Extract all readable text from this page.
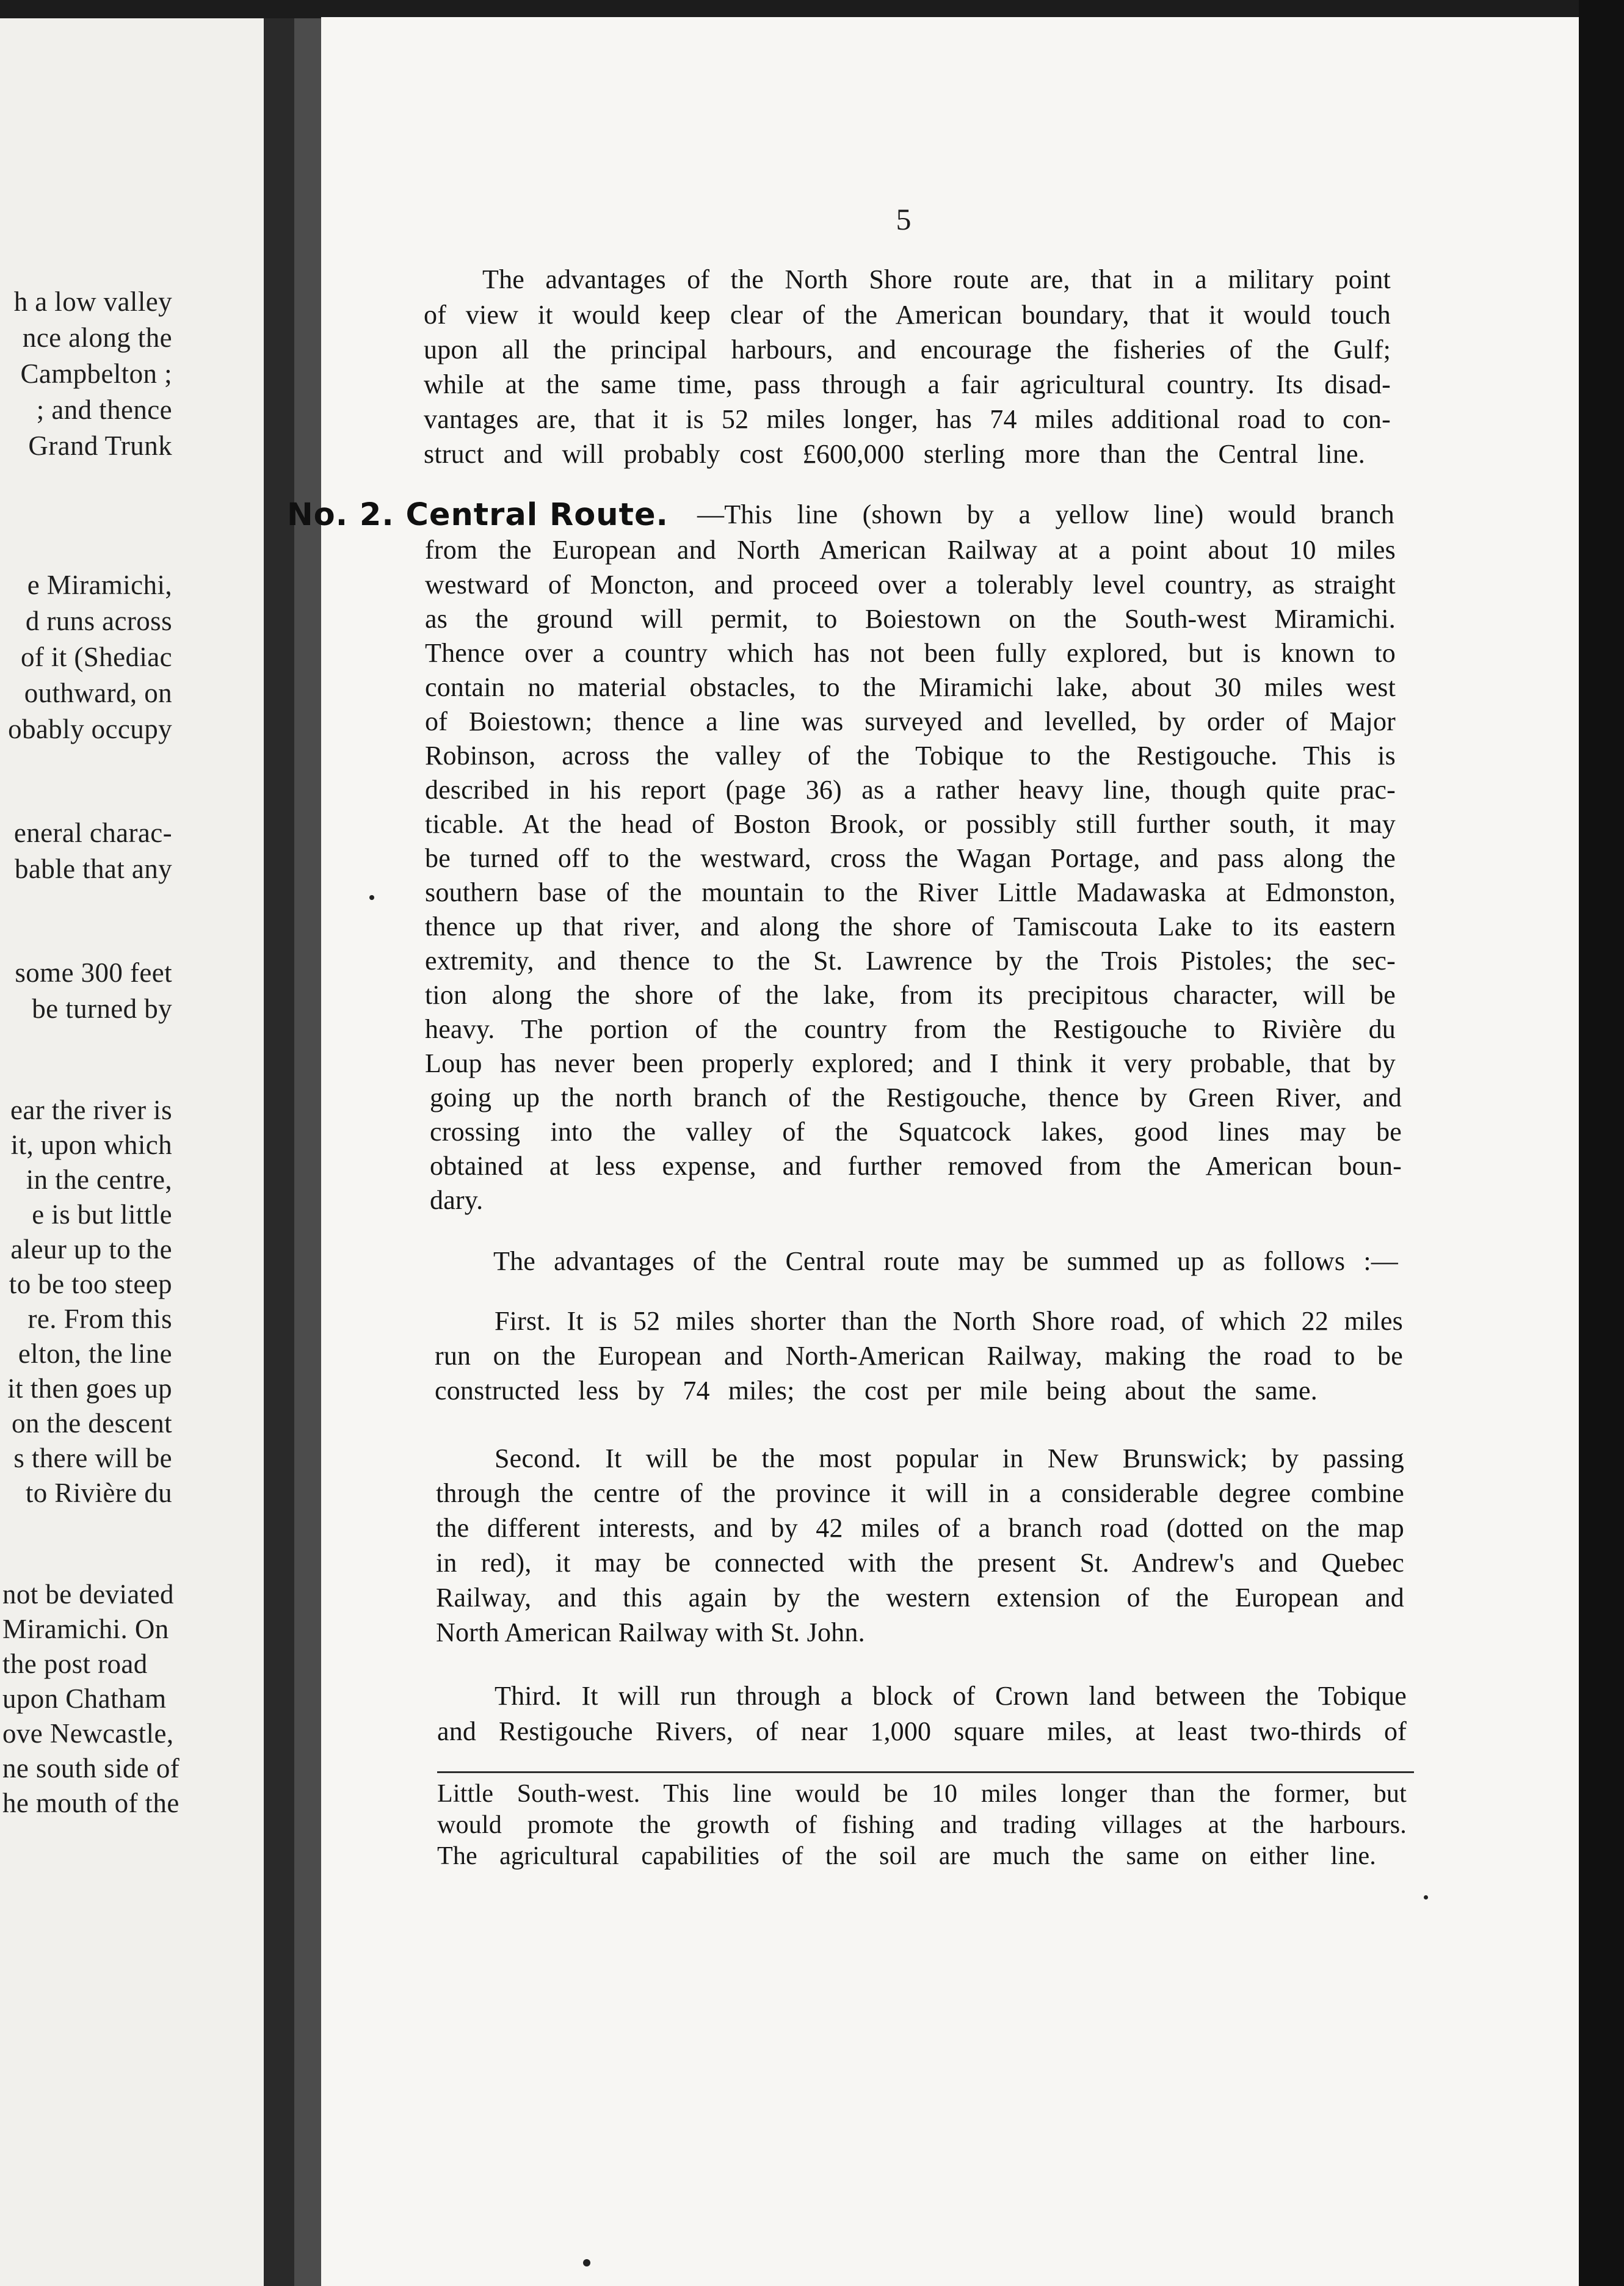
h a low valley
nce along the
Campbelton ;
; and thence
Grand Trunk
e Miramichi,
d runs across
of it (Shediac
outhward, on
obably occupy
eneral charac-
bable that any
some 300 feet
be turned by
ear the river is
it, upon which
in the centre,
e is but little
aleur up to the
to be too steep
re. From this
elton, the line
it then goes up
on the descent
s there will be
to Rivière du
not be deviated
Miramichi. On
the post road
upon Chatham
ove Newcastle,
ne south side of
he mouth of the
5
The advantages of the North Shore route are, that in a military point
of view it would keep clear of the American boundary, that it would touch
upon all the principal harbours, and encourage the fisheries of the Gulf;
while at the same time, pass through a fair agricultural country. Its disad-
vantages are, that it is 52 miles longer, has 74 miles additional road to con-
struct and will probably cost £600,000 sterling more than the Central line.
No. 2. Central Route. —This line (shown by a yellow line) would branch
from the European and North American Railway at a point about 10 miles
westward of Moncton, and proceed over a tolerably level country, as straight
as the ground will permit, to Boiestown on the South-west Miramichi.
Thence over a country which has not been fully explored, but is known to
contain no material obstacles, to the Miramichi lake, about 30 miles west
of Boiestown; thence a line was surveyed and levelled, by order of Major
Robinson, across the valley of the Tobique to the Restigouche. This is
described in his report (page 36) as a rather heavy line, though quite prac-
ticable. At the head of Boston Brook, or possibly still further south, it may
be turned off to the westward, cross the Wagan Portage, and pass along the
southern base of the mountain to the River Little Madawaska at Edmonston,
thence up that river, and along the shore of Tamiscouta Lake to its eastern
extremity, and thence to the St. Lawrence by the Trois Pistoles; the sec-
tion along the shore of the lake, from its precipitous character, will be
heavy. The portion of the country from the Restigouche to Rivière du
Loup has never been properly explored; and I think it very probable, that by
going up the north branch of the Restigouche, thence by Green River, and
crossing into the valley of the Squatcock lakes, good lines may be
obtained at less expense, and further removed from the American boun-
dary.
The advantages of the Central route may be summed up as follows :—
First. It is 52 miles shorter than the North Shore road, of which 22 miles
run on the European and North-American Railway, making the road to be
constructed less by 74 miles; the cost per mile being about the same.
Second. It will be the most popular in New Brunswick; by passing
through the centre of the province it will in a considerable degree combine
the different interests, and by 42 miles of a branch road (dotted on the map
in red), it may be connected with the present St. Andrew's and Quebec
Railway, and this again by the western extension of the European and
North American Railway with St. John.
Third. It will run through a block of Crown land between the Tobique
and Restigouche Rivers, of near 1,000 square miles, at least two-thirds of
Little South-west. This line would be 10 miles longer than the former, but
would promote the growth of fishing and trading villages at the harbours.
The agricultural capabilities of the soil are much the same on either line.
